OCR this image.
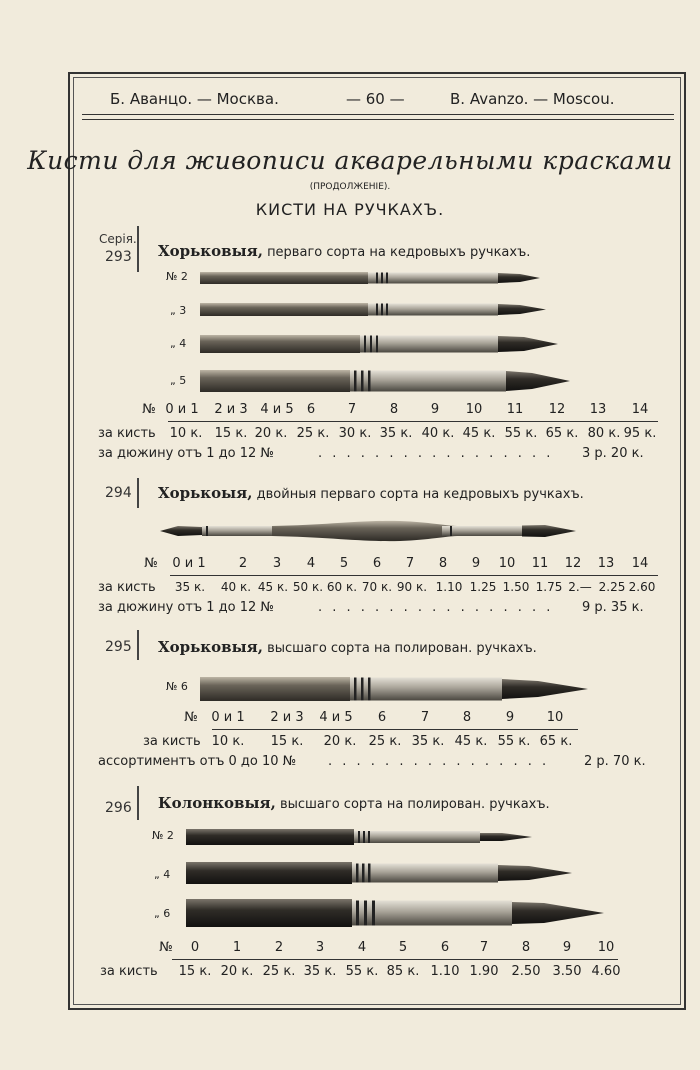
Б. Аванцо. — Москва.	— 60 —	В. Avanzo. — Moscou.
Кисти для живописи акварельными красками
(ПРОДОЛЖЕНІЕ).
КИСТИ НА РУЧКАХЪ.
Серія.
293 Хорьковыя, перваго сорта на кедровыхъ ручкахъ.
№ 2
„ 3
„ 4
„ 5
№ 0 и 1 2 и 3 4 и 5 6	7	8	9 10 11 12 13 14
за кисть 10 к. 15 к. 20 к. 25 к. 30 к. 35 к. 40 к. 45 к. 55 к. 65 к. 80 к. 95 к.
за дюжину отъ 1 до 12 №	. . . . . . . . . . . . . . . . . 3 р. 20 к.
294 Хорькоыя, двойныя перваго сорта на кедровыхъ ручкахъ.
№ 0 и 1	2 3 4 5 6 7 8 9 10 11 12 13 14
за кисть 35 к. 40 к. 45 к. 50 к. 60 к. 70 к. 90 к. 1.10 1.25 1.50 1.75 2.— 2.25 2.60
за дюжину отъ 1 до 12 №	. . . . . . . . . . . . . . . . . 9 р. 35 к.
295 Хорьковыя, высшаго сорта на полирован. ручкахъ.
№ 6
№ 0 и 1 2 и 3 4 и 5 6	7	8	9	10
за кисть 10 к. 15 к. 20 к. 25 к. 35 к. 45 к. 55 к. 65 к.
ассортиментъ отъ 0 до 10 № . . . . . . . . . . . . . . . .	2 р. 70 к.
296 Колонковыя, высшаго сорта на полирован. ручкахъ.
№ 2
„ 4
„ 6
№ 0	1	2	3	4	5	6 7	8	9 10
за кисть 15 к. 20 к. 25 к. 35 к. 55 к. 85 к. 1.10 1.90 2.50 3.50 4.60
